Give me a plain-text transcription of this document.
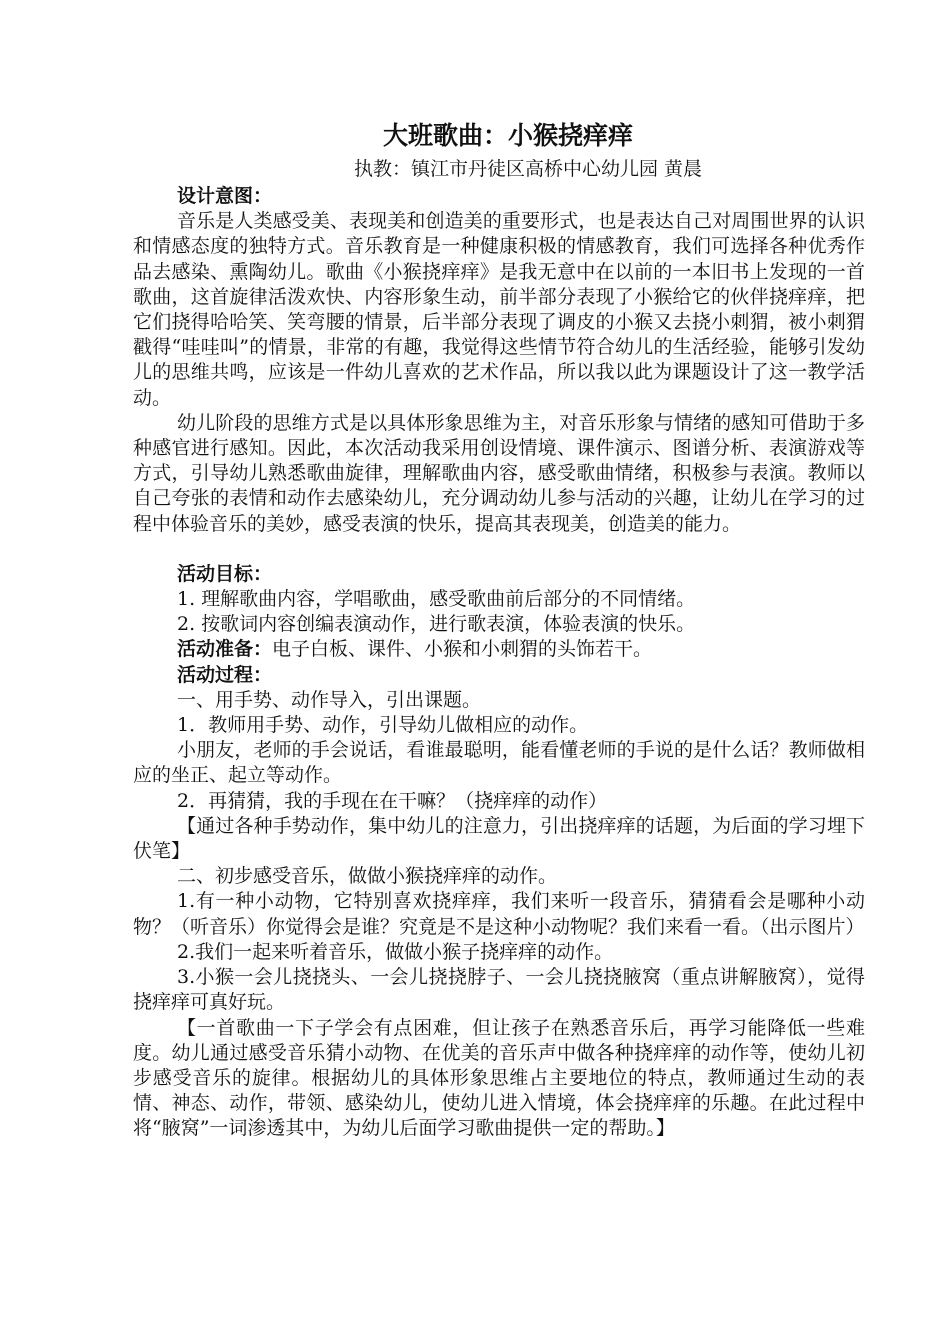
大班歌曲：小猴挠痒痒

执教：镇江市丹徒区高桥中心幼儿园 黄晨

设计意图：

音乐是人类感受美、表现美和创造美的重要形式，也是表达自己对周围世界的认识和情感态度的独特方式。音乐教育是一种健康积极的情感教育，我们可选择各种优秀作品去感染、熏陶幼儿。歌曲《小猴挠痒痒》是我无意中在以前的一本旧书上发现的一首歌曲，这首旋律活泼欢快、内容形象生动，前半部分表现了小猴给它的伙伴挠痒痒，把它们挠得哈哈笑、笑弯腰的情景，后半部分表现了调皮的小猴又去挠小刺猬，被小刺猬戳得“哇哇叫”的情景，非常的有趣，我觉得这些情节符合幼儿的生活经验，能够引发幼儿的思维共鸣，应该是一件幼儿喜欢的艺术作品，所以我以此为课题设计了这一教学活动。

幼儿阶段的思维方式是以具体形象思维为主，对音乐形象与情绪的感知可借助于多种感官进行感知。因此，本次活动我采用创设情境、课件演示、图谱分析、表演游戏等方式，引导幼儿熟悉歌曲旋律，理解歌曲内容，感受歌曲情绪，积极参与表演。教师以自己夸张的表情和动作去感染幼儿，充分调动幼儿参与活动的兴趣，让幼儿在学习的过程中体验音乐的美妙，感受表演的快乐，提高其表现美，创造美的能力。

活动目标：

1. 理解歌曲内容，学唱歌曲，感受歌曲前后部分的不同情绪。

2. 按歌词内容创编表演动作，进行歌表演，体验表演的快乐。

活动准备：电子白板、课件、小猴和小刺猬的头饰若干。

活动过程：

一、用手势、动作导入，引出课题。

1．教师用手势、动作，引导幼儿做相应的动作。

小朋友，老师的手会说话，看谁最聪明，能看懂老师的手说的是什么话？教师做相应的坐正、起立等动作。

2．再猜猜，我的手现在在干嘛？（挠痒痒的动作）

【通过各种手势动作，集中幼儿的注意力，引出挠痒痒的话题，为后面的学习埋下伏笔】

二、初步感受音乐，做做小猴挠痒痒的动作。

1.有一种小动物，它特别喜欢挠痒痒，我们来听一段音乐，猜猜看会是哪种小动物？（听音乐）你觉得会是谁？究竟是不是这种小动物呢？我们来看一看。（出示图片）

2.我们一起来听着音乐，做做小猴子挠痒痒的动作。

3.小猴一会儿挠挠头、一会儿挠挠脖子、一会儿挠挠腋窝（重点讲解腋窝），觉得挠痒痒可真好玩。

【一首歌曲一下子学会有点困难，但让孩子在熟悉音乐后，再学习能降低一些难度。幼儿通过感受音乐猜小动物、在优美的音乐声中做各种挠痒痒的动作等，使幼儿初步感受音乐的旋律。根据幼儿的具体形象思维占主要地位的特点，教师通过生动的表情、神态、动作，带领、感染幼儿，使幼儿进入情境，体会挠痒痒的乐趣。在此过程中将“腋窝”一词渗透其中，为幼儿后面学习歌曲提供一定的帮助。】
